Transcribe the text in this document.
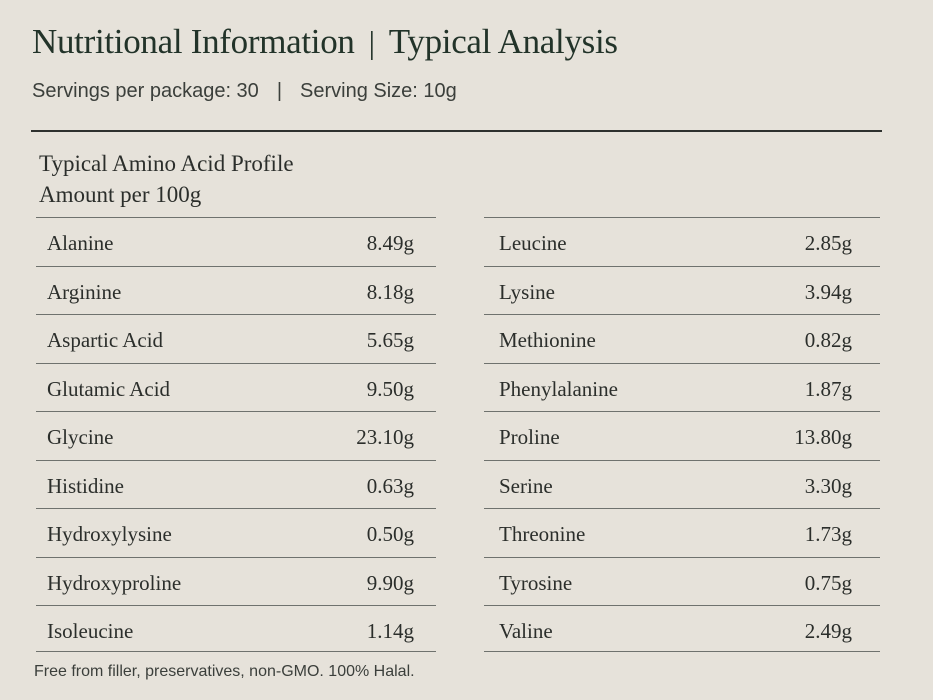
Nutritional Information | Typical Analysis
Servings per package: 30 | Serving Size: 10g
Typical Amino Acid Profile
Amount per 100g
Alanine	8.49g
Arginine	8.18g
Aspartic Acid	5.65g
Glutamic Acid	9.50g
Glycine	23.10g
Histidine	0.63g
Hydroxylysine	0.50g
Hydroxyproline	9.90g
Isoleucine	1.14g
Leucine	2.85g
Lysine	3.94g
Methionine	0.82g
Phenylalanine	1.87g
Proline	13.80g
Serine	3.30g
Threonine	1.73g
Tyrosine	0.75g
Valine	2.49g
Free from filler, preservatives, non-GMO. 100% Halal.
